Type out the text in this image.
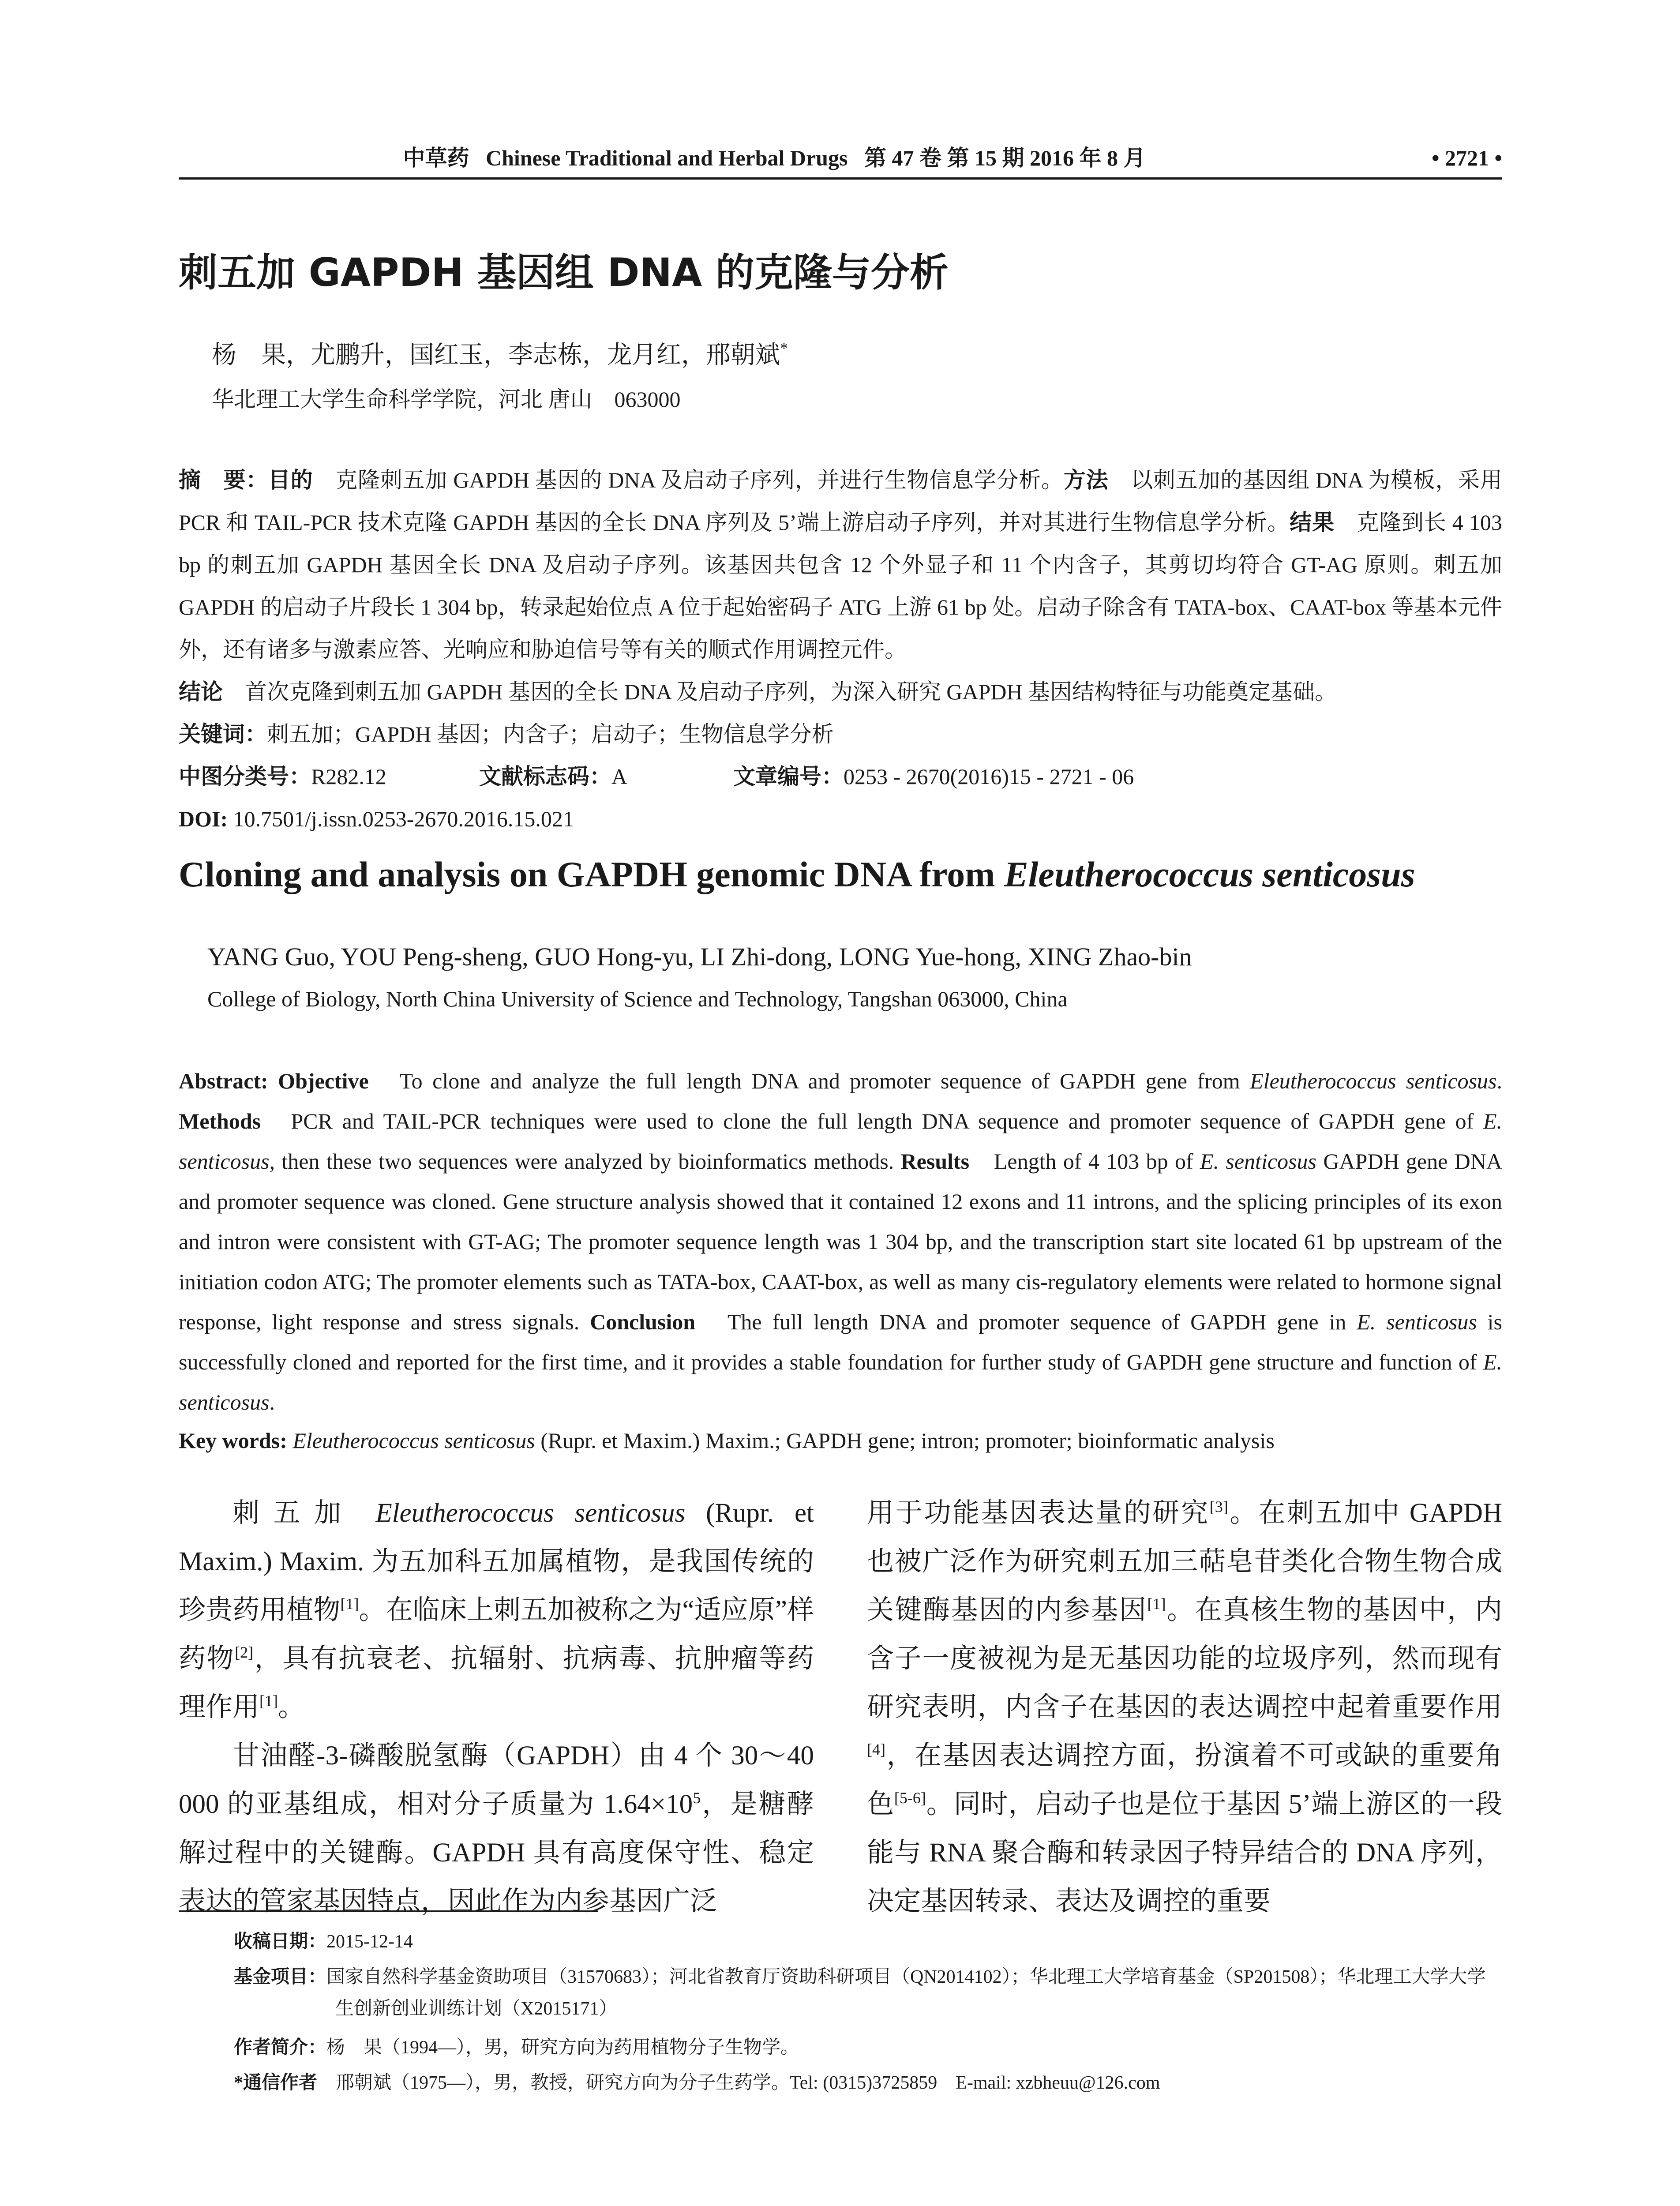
中草药 Chinese Traditional and Herbal Drugs 第 47 卷 第 15 期 2016 年 8 月	• 2721 •
刺五加 GAPDH 基因组 DNA 的克隆与分析
杨　果，尤鹏升，国红玉，李志栋，龙月红，邢朝斌*
华北理工大学生命科学学院，河北 唐山　063000
摘　要：目的　克隆刺五加 GAPDH 基因的 DNA 及启动子序列，并进行生物信息学分析。方法　以刺五加的基因组 DNA 为模板，采用 PCR 和 TAIL-PCR 技术克隆 GAPDH 基因的全长 DNA 序列及 5’端上游启动子序列，并对其进行生物信息学分析。结果　克隆到长 4 103 bp 的刺五加 GAPDH 基因全长 DNA 及启动子序列。该基因共包含 12 个外显子和 11 个内含子，其剪切均符合 GT-AG 原则。刺五加 GAPDH 的启动子片段长 1 304 bp，转录起始位点 A 位于起始密码子 ATG 上游 61 bp 处。启动子除含有 TATA-box、CAAT-box 等基本元件外，还有诸多与激素应答、光响应和胁迫信号等有关的顺式作用调控元件。
结论　首次克隆到刺五加 GAPDH 基因的全长 DNA 及启动子序列，为深入研究 GAPDH 基因结构特征与功能奠定基础。
关键词：刺五加；GAPDH 基因；内含子；启动子；生物信息学分析
中图分类号：R282.12	文献标志码：A	文章编号：0253 - 2670(2016)15 - 2721 - 06
DOI: 10.7501/j.issn.0253-2670.2016.15.021
Cloning and analysis on GAPDH genomic DNA from Eleutherococcus senticosus
YANG Guo, YOU Peng-sheng, GUO Hong-yu, LI Zhi-dong, LONG Yue-hong, XING Zhao-bin
College of Biology, North China University of Science and Technology, Tangshan 063000, China
Abstract: Objective　To clone and analyze the full length DNA and promoter sequence of GAPDH gene from Eleutherococcus senticosus. Methods　PCR and TAIL-PCR techniques were used to clone the full length DNA sequence and promoter sequence of GAPDH gene of E. senticosus, then these two sequences were analyzed by bioinformatics methods. Results　Length of 4 103 bp of E. senticosus GAPDH gene DNA and promoter sequence was cloned. Gene structure analysis showed that it contained 12 exons and 11 introns, and the splicing principles of its exon and intron were consistent with GT-AG; The promoter sequence length was 1 304 bp, and the transcription start site located 61 bp upstream of the initiation codon ATG; The promoter elements such as TATA-box, CAAT-box, as well as many cis-regulatory elements were related to hormone signal response, light response and stress signals. Conclusion　The full length DNA and promoter sequence of GAPDH gene in E. senticosus is successfully cloned and reported for the first time, and it provides a stable foundation for further study of GAPDH gene structure and function of E. senticosus.
Key words: Eleutherococcus senticosus (Rupr. et Maxim.) Maxim.; GAPDH gene; intron; promoter; bioinformatic analysis

刺五加 Eleutherococcus senticosus (Rupr. et Maxim.) Maxim. 为五加科五加属植物，是我国传统的珍贵药用植物[1]。在临床上刺五加被称之为“适应原”样药物[2]，具有抗衰老、抗辐射、抗病毒、抗肿瘤等药理作用[1]。

甘油醛-3-磷酸脱氢酶（GAPDH）由 4 个 30～40 000 的亚基组成，相对分子质量为 $1.64\times 10^5$，是糖酵解过程中的关键酶。GAPDH 具有高度保守性、稳定表达的管家基因特点，因此作为内参基因广泛

用于功能基因表达量的研究[3]。在刺五加中 GAPDH 也被广泛作为研究刺五加三萜皂苷类化合物生物合成关键酶基因的内参基因[1]。在真核生物的基因中，内含子一度被视为是无基因功能的垃圾序列，然而现有研究表明，内含子在基因的表达调控中起着重要作用[4]，在基因表达调控方面，扮演着不可或缺的重要角色[5-6]。同时，启动子也是位于基因 5’端上游区的一段能与 RNA 聚合酶和转录因子特异结合的 DNA 序列，决定基因转录、表达及调控的重要

收稿日期：2015-12-14
基金项目：国家自然科学基金资助项目（31570683）；河北省教育厅资助科研项目（QN2014102）；华北理工大学培育基金（SP201508）；华北理工大学大学生创新创业训练计划（X2015171）
作者简介：杨　果（1994—），男，研究方向为药用植物分子生物学。
*通信作者　邢朝斌（1975—），男，教授，研究方向为分子生药学。Tel: (0315)3725859　E-mail: xzbheuu@126.com
